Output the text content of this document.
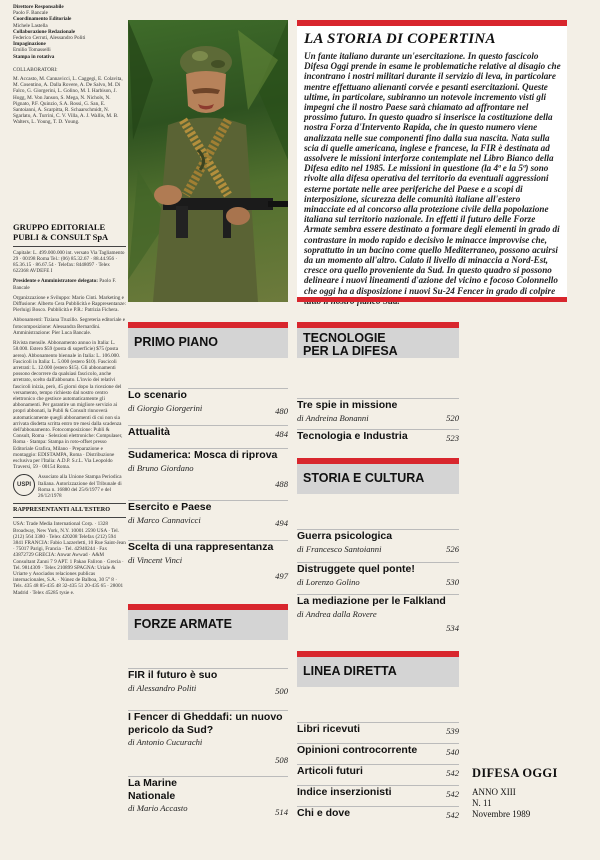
Direttore Responsabile
Paolo F. Bancale
Coordinamento Editoriale
Michele Lastella
Collaborazione Redazionale
Federico Cerruti, Alessandro Politi
Impaginazione
Emilio Tomasselli
Stampa in rotativa
COLLABORATORI:
M. Accasto, M. Cannavicci, L. Caggegi, E. Colavita, M. Cosentino, A. Dalla Rovere, A. De Salvo, M. Di Falco, G. Giorgerini, L. Golino, M. I. Harbison, J. Hogg, M. Von Janson, S. Mega, N. Nichols, N. Pignato, P.F. Quinzio, S.A. Rossi, G. San, E. Santoianni, A. Scarpitta, R. Schaarschmidt, N. Sgarlato, A. Turrini, C. V. Villa, A. J. Wallis, M. B. Walters, L. Young, T. D. Young.
GRUPPO EDITORIALE PUBLI & CONSULT SpA
Capitale: L. 499.000.000 int. versato Via Tagliamento 29 · 00198 Roma Tel.: (06) 85.32.67 · 88.44.956 · 85.36.15 · 86.67.54 · Telefax: 8448097 · Telex 622368 AVDEFE I
Presidente e Amministratore delegato: Paolo F. Bancale
Organizzazione e Sviluppo: Mario Cinti. Marketing e Diffusione: Alberto Cera Pubblicità e Rappresentanze: Pierluigi Bosco. Pubblicità e P.R.: Patrizia Fichera.
Abbonamenti: Tiziana Truzillo. Segreteria editoriale e fotocomposizione: Alessandra Bernardini. Amministrazione: Pier Luca Bancale.
Rivista mensile. Abbonamento annuo in Italia: L. 58.000. Estero $59 (posta di superficie) $75 (posta aerea). Abbonamento biennale in Italia: L. 106.000. Fascicoli in Italia: L. 5.000 (estero $10). Fascicoli arretrati: L. 12.000 (estero $15). Gli abbonamenti possono decorrere da qualsiasi fascicolo, anche arretrato, scelto dall'abbonato. L'invio dei relativi fascicoli inizia, però, 45 giorni dopo la ricezione del versamento, tempo richiesto dal nostro centro elettronico che gestisce automaticamente gli abbonamenti. Per garantire un migliore servizio ai propri abbonati, la Publi & Consult rinnoverà automaticamente quegli abbonamenti di cui non sia arrivata disdetta scritta entro tre mesi dalla scadenza dell'abbonamento. Fotocomposizione: Publi & Consult, Roma · Selezioni elettroniche: Compulaser, Roma · Stampa: Stampa in roto-offset presso Editoriale Grafica, Milano · Preparazione e montaggio: EDISTAMPA, Roma · Distribuzione esclusiva per l'Italia: A.D.P. S.r.L. Via Leopoldo Traversi, 59 · 00154 Roma.
USPI
Associato alla Unione Stampa Periodica Italiana. Autorizzazione del Tribunale di Roma n. 16880 del 25/6/1977 e del 26/12/1978
RAPPRESENTANTI ALL'ESTERO
USA: Trade Media International Corp. · 1328 Broadway, New York, N.Y. 10001 2590 USA · Tel. (212) 564 3380 · Telex 420208 Telefax (212) 594 3841 FRANCIA: Fabio Lazzerletti, 10 Rue Saint-Jean · 75017 Parigi, Francia · Tel. 42940244 · Fax 43872729 GRECIA: Anwar Awwad · A&M Consultant Zanni 7 9 APT. 1 Pakao Faliron · Grecia · Tel. 9814309 · Telex 210899 SPAGNA: Uriale & Uriarte y Asociados relaciones publicas internacionales, S.A. · Núnez de Balboa, 30 5° 8 · Tels. 435 48 85-435 48 32-435 51 20-435 65 · 28001 Madrid · Telex 45285 tysie e.
LA STORIA DI COPERTINA

Un fante italiano durante un'esercitazione. In questo fascicolo Difesa Oggi prende in esame le problematiche relative al disagio che incontrano i nostri militari durante il servizio di leva, in particolare mentre effettuano alienanti corvée e pesanti esercitazioni. Queste ultime, in particolare, subiranno un notevole incremento visti gli impegni che il nostro Paese sarà chiamato ad affrontare nel prossimo futuro. In questo quadro si inserisce la costituzione della nostra Forza d'Intervento Rapida, che in questo numero viene analizzata nelle sue componenti fino dalla sua nascita. Nata sulla scia di quelle americana, inglese e francese, la FIR è destinata ad assolvere le missioni interforze contemplate nel Libro Bianco della Difesa edito nel 1985. Le missioni in questione (la 4ª e la 5ª) sono rivolte alla difesa operativa del territorio da eventuali aggressioni esterne portate nelle aree periferiche del Paese e a scopi di interposizione, sicurezza delle comunità italiane all'estero minacciate ed al concorso alla protezione civile della popolazione italiana sul territorio nazionale. In effetti il futuro delle Forze Armate sembra essere destinato a formare degli elementi in grado di contrastare in modo rapido e decisivo le minacce improvvise che, soprattutto in un bacino come quello Mediterraneo, possono acuirsi da un momento all'altro. Calato il livello di minaccia a Nord-Est, cresce ora quello proveniente da Sud. In questo quadro si possono delineare i nuovi lineamenti d'azione del vicino e focoso Colonnello che oggi ha a disposizione i nuovi Su-24 Fencer in grado di colpire

PRIMO PIANO
FORZE ARMATE
TECNOLOGIE
PER LA DIFESA
STORIA E CULTURA
LINEA DIRETTA
Lo scenario
di Giorgio Giorgerini	480
Attualità	484
Sudamerica: Mosca di riprova
di Bruno Giordano
488
Esercito e Paese
di Marco Cannavicci	494
Scelta di una rappresentanza
di Vincent Vinci
497
FIR il futuro è suo
di Alessandro Politi	500
I Fencer di Gheddafi: un nuovo pericolo da Sud?
di Antonio Cucurachi
508
La Marine Nationale
di Mario Accasto	514
Tre spie in missione
di Andreina Bonanni	520
Tecnologia e Industria	523
Guerra psicologica
di Francesco Santoianni	526
Distruggete quel ponte!
di Lorenzo Golino	530
La mediazione per le Falkland
di Andrea dalla Rovere
534
Libri ricevuti	539
Opinioni controcorrente	540
Articoli futuri	542
Indice inserzionisti	542
Chi e dove	542
DIFESA OGGI
ANNO XIII
N. 11
Novembre 1989
